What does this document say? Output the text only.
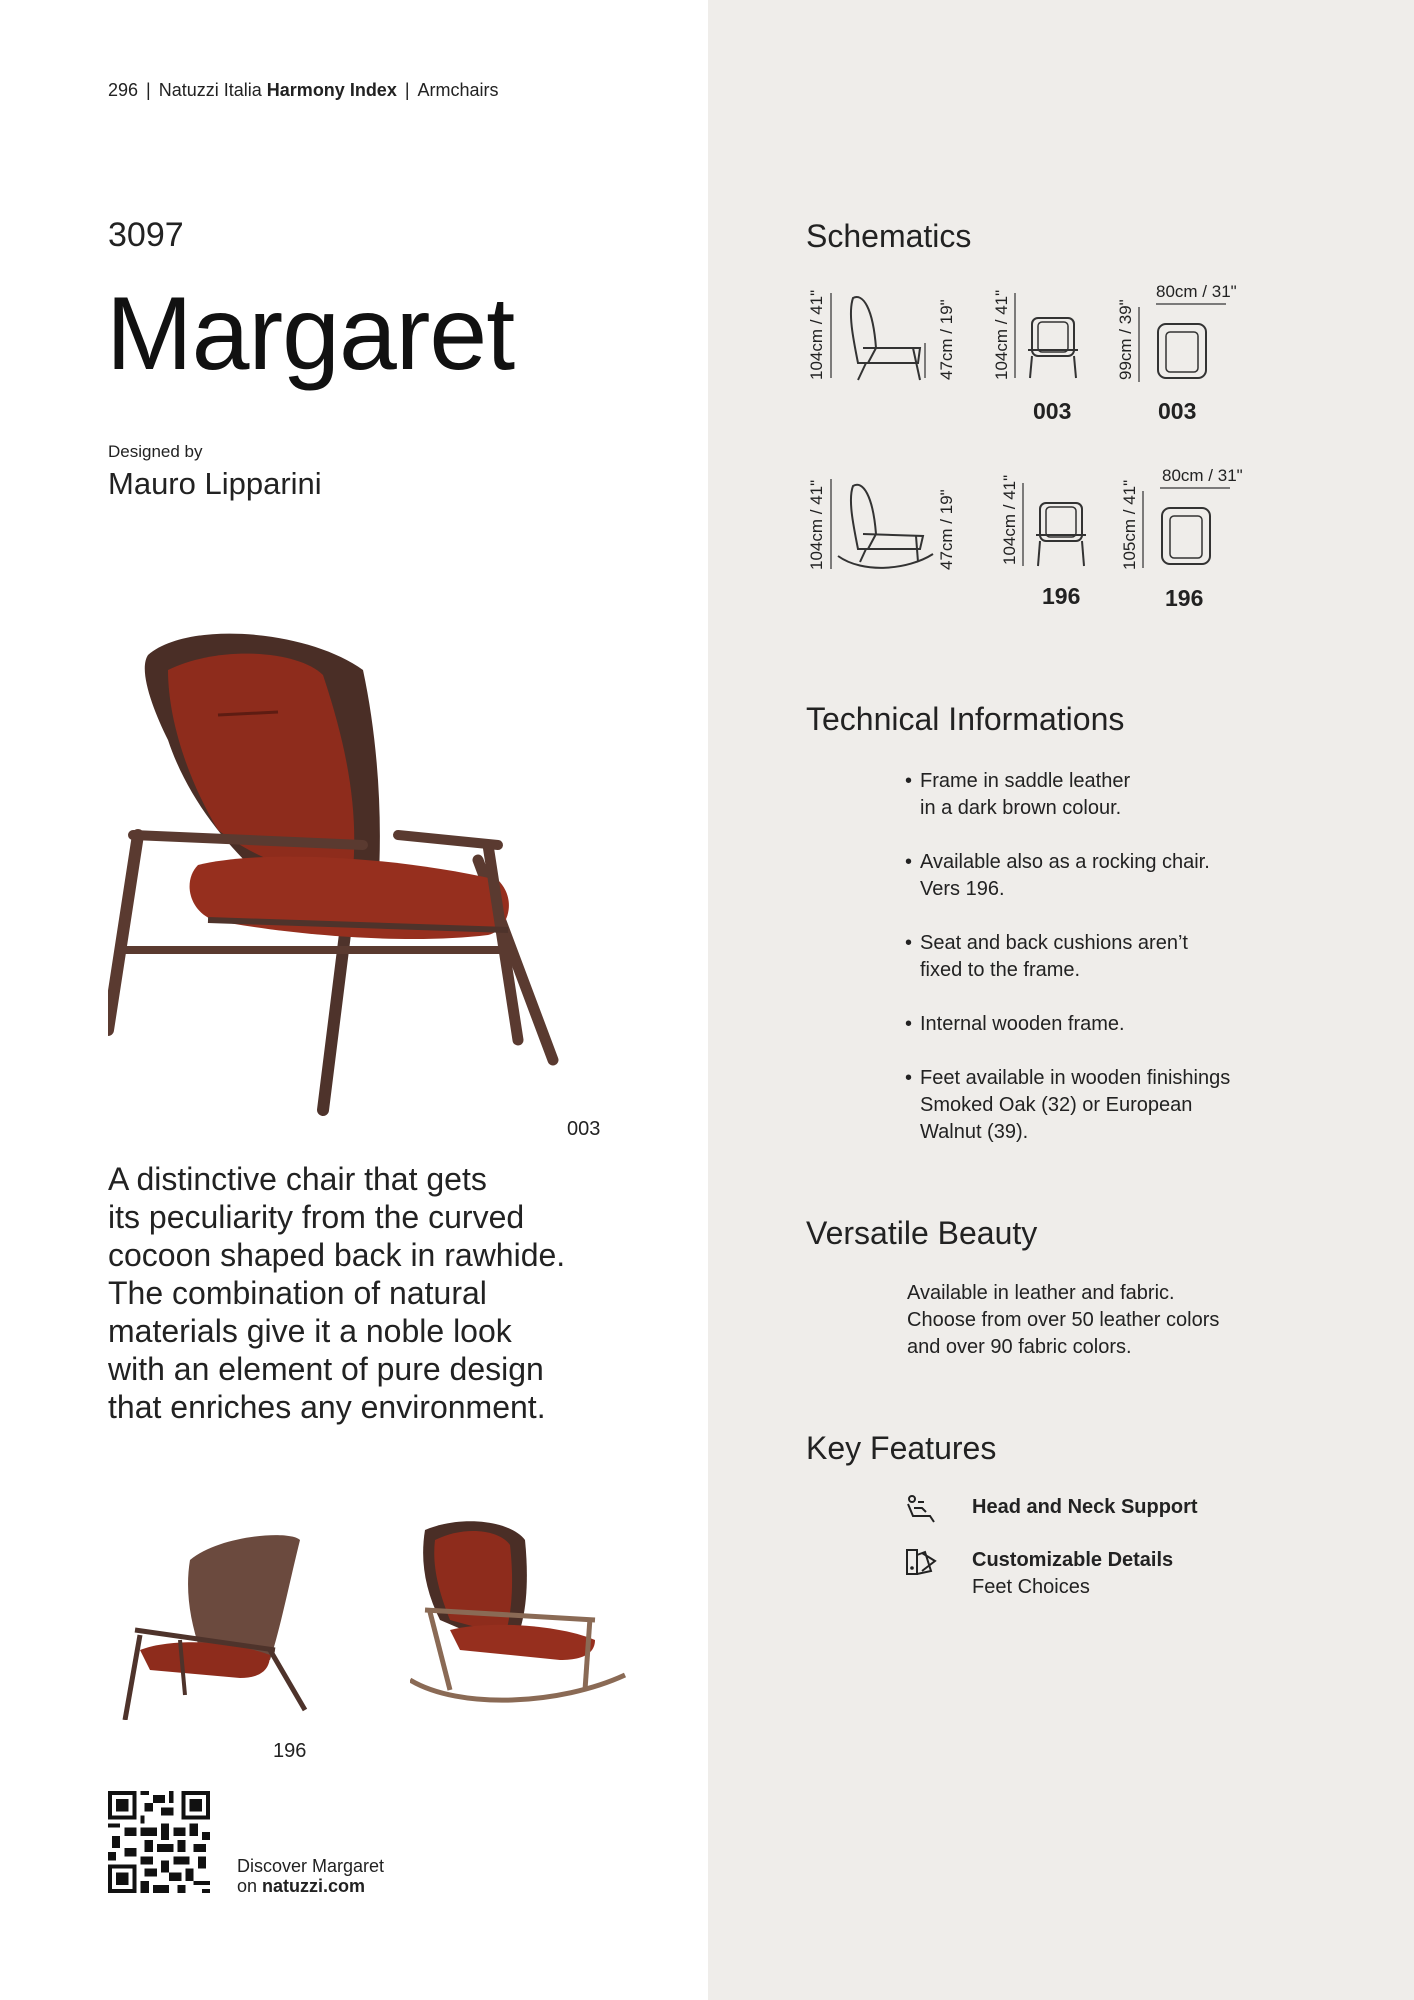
296 | Natuzzi Italia Harmony Index | Armchairs
3097
Margaret
Designed by
Mauro Lipparini
003
A distinctive chair that gets
its peculiarity from the curved
cocoon shaped back in rawhide.
The combination of natural
materials give it a noble look
with an element of pure design
that enriches any environment.
196
Discover Margaret
on natuzzi.com
Schematics
104cm / 41"	47cm / 19" 104cm / 41"
003
99cm / 39"
80cm / 31"
003
104cm / 41"	47cm / 19"	104cm / 41"
196
105cm / 41"
80cm / 31"
196
Technical Informations
• Frame in saddle leather
in a dark brown colour.
• Available also as a rocking chair.
Vers 196.
• Seat and back cushions aren’t
fixed to the frame.
• Internal wooden frame.
• Feet available in wooden finishings
Smoked Oak (32) or European
Walnut (39).
Versatile Beauty
Available in leather and fabric.
Choose from over 50 leather colors
and over 90 fabric colors.
Key Features
Head and Neck Support
Customizable Details
Feet Choices
